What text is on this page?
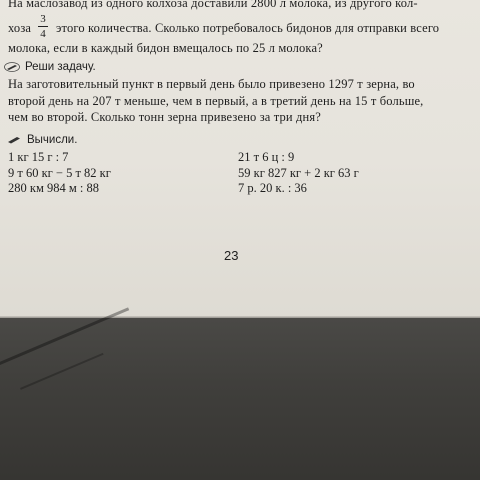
На маслозавод из одного колхоза доставили 2800 л молока, из другого кол-
хоза
3
4 этого количества. Сколько потребовалось бидонов для отправки всего
молока, если в каждый бидон вмещалось по 25 л молока?
Реши задачу.
На заготовительный пункт в первый день было привезено 1297 т зерна, во
второй день на 207 т меньше, чем в первый, а в третий день на 15 т больше,
чем во второй. Сколько тонн зерна привезено за три дня?
Вычисли.
1 кг 15 г : 7
9 т 60 кг − 5 т 82 кг
280 км 984 м : 88
21 т 6 ц : 9
59 кг 827 кг + 2 кг 63 г
7 р. 20 к. : 36
23
